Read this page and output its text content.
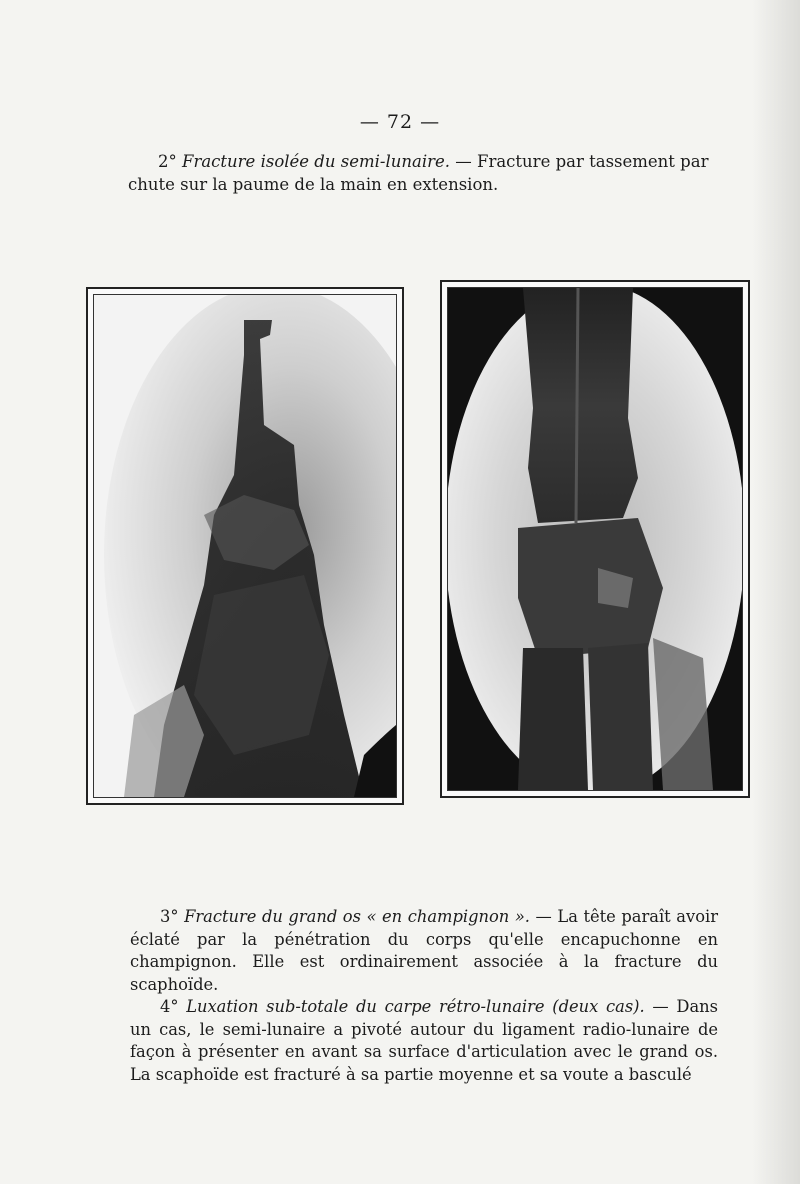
— 72 —
2° Fracture isolée du semi-lunaire. — Fracture par tassement par
chute sur la paume de la main en extension.

3° Fracture du grand os « en champignon ». — La tête paraît avoir éclaté par la pénétration du corps qu'elle encapuchonne en champignon. Elle est ordinairement associée à la fracture du scaphoïde.

4° Luxation sub-totale du carpe rétro-lunaire (deux cas). — Dans un cas, le semi-lunaire a pivoté autour du ligament radio-lunaire de façon à présenter en avant sa surface d'articulation avec le grand os. La scaphoïde est fracturé à sa partie moyenne et sa voute a basculé
